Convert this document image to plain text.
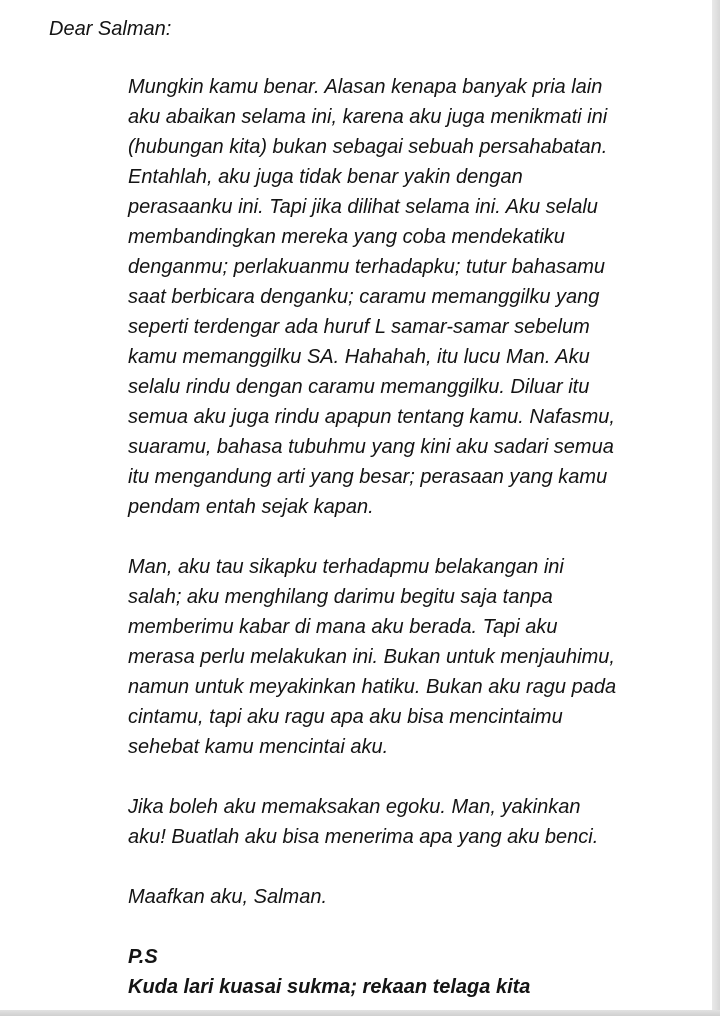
Dear Salman:

Mungkin kamu benar. Alasan kenapa banyak pria lain
aku abaikan selama ini, karena aku juga menikmati ini
(hubungan kita) bukan sebagai sebuah persahabatan.
Entahlah, aku juga tidak benar yakin dengan
perasaanku ini. Tapi jika dilihat selama ini. Aku selalu
membandingkan mereka yang coba mendekatiku
denganmu; perlakuanmu terhadapku; tutur bahasamu
saat berbicara denganku; caramu memanggilku yang
seperti terdengar ada huruf L samar-samar sebelum
kamu memanggilku SA. Hahahah, itu lucu Man. Aku
selalu rindu dengan caramu memanggilku. Diluar itu
semua aku juga rindu apapun tentang kamu. Nafasmu,
suaramu, bahasa tubuhmu yang kini aku sadari semua
itu mengandung arti yang besar; perasaan yang kamu
pendam entah sejak kapan.
Man, aku tau sikapku terhadapmu belakangan ini
salah; aku menghilang darimu begitu saja tanpa
memberimu kabar di mana aku berada. Tapi aku
merasa perlu melakukan ini. Bukan untuk menjauhimu,
namun untuk meyakinkan hatiku. Bukan aku ragu pada
cintamu, tapi aku ragu apa aku bisa mencintaimu
sehebat kamu mencintai aku.
Jika boleh aku memaksakan egoku. Man, yakinkan
aku! Buatlah aku bisa menerima apa yang aku benci.
Maafkan aku, Salman.
P.S
Kuda lari kuasai sukma; rekaan telaga kita
